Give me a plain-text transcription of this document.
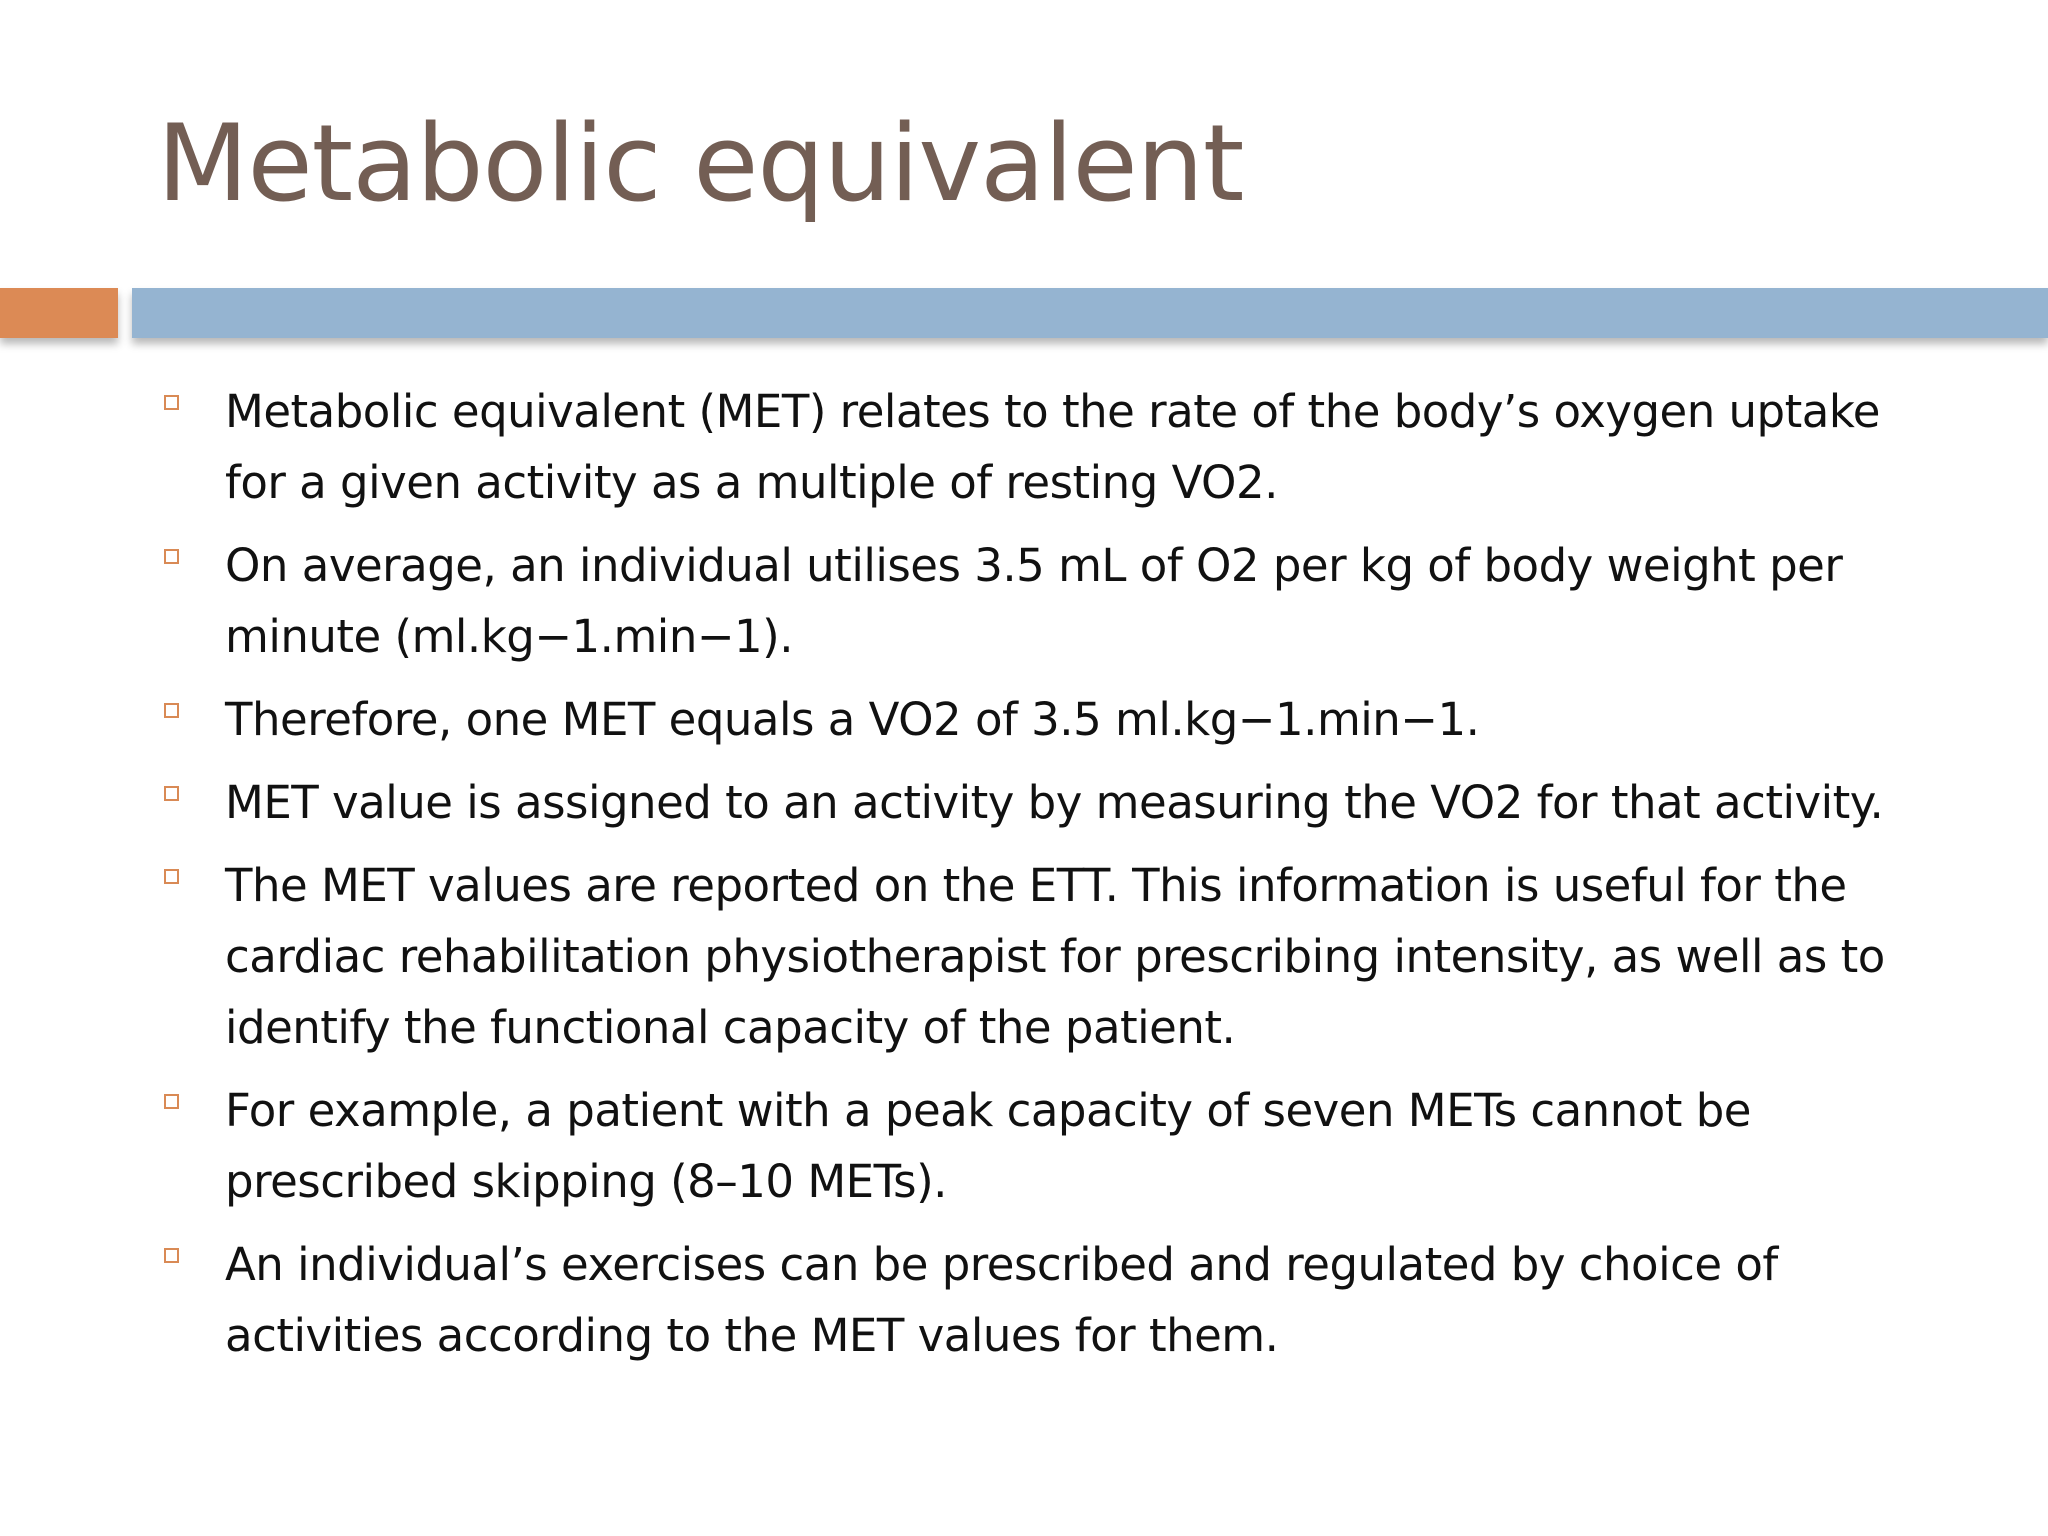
Metabolic equivalent
Metabolic equivalent (MET) relates to the rate of the body’s oxygen uptake for a given activity as a multiple of resting VO2.
On average, an individual utilises 3.5 mL of O2 per kg of body weight per minute (ml.kg−1.min−1).
Therefore, one MET equals a VO2 of 3.5 ml.kg−1.min−1.
MET value is assigned to an activity by measuring the VO2 for that activity.
The MET values are reported on the ETT. This information is useful for the cardiac rehabilitation physiotherapist for prescribing intensity, as well as to identify the functional capacity of the patient.
For example, a patient with a peak capacity of seven METs cannot be prescribed skipping (8–10 METs).
An individual’s exercises can be prescribed and regulated by choice of activities according to the MET values for them.
